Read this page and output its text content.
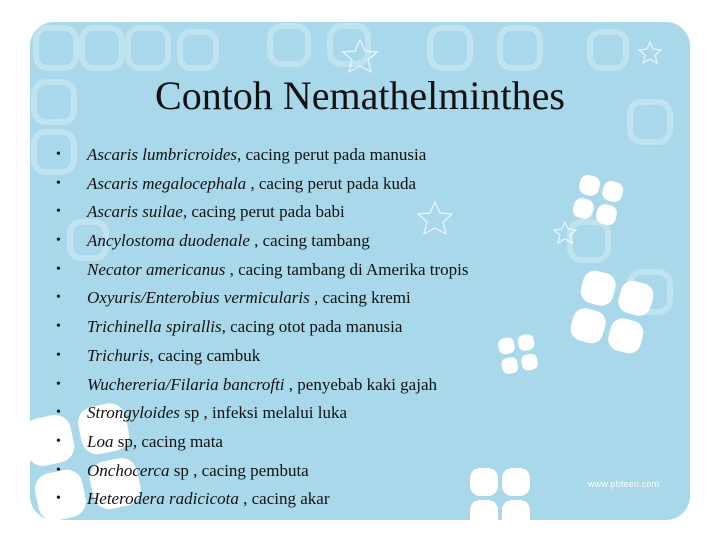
Contoh Nemathelminthes
• Ascaris lumbricroides, cacing perut pada manusia
• Ascaris megalocephala , cacing perut pada kuda
• Ascaris suilae, cacing perut pada babi
• Ancylostoma duodenale , cacing tambang
• Necator americanus , cacing tambang di Amerika tropis
• Oxyuris/Enterobius vermicularis , cacing kremi
• Trichinella spirallis, cacing otot pada manusia
• Trichuris, cacing cambuk
• Wuchereria/Filaria bancrofti , penyebab kaki gajah
• Strongyloides sp , infeksi melalui luka
• Loa sp, cacing mata
• Onchocerca sp , cacing pembuta
• Heterodera radicicota , cacing akar
www.pbteen.com
